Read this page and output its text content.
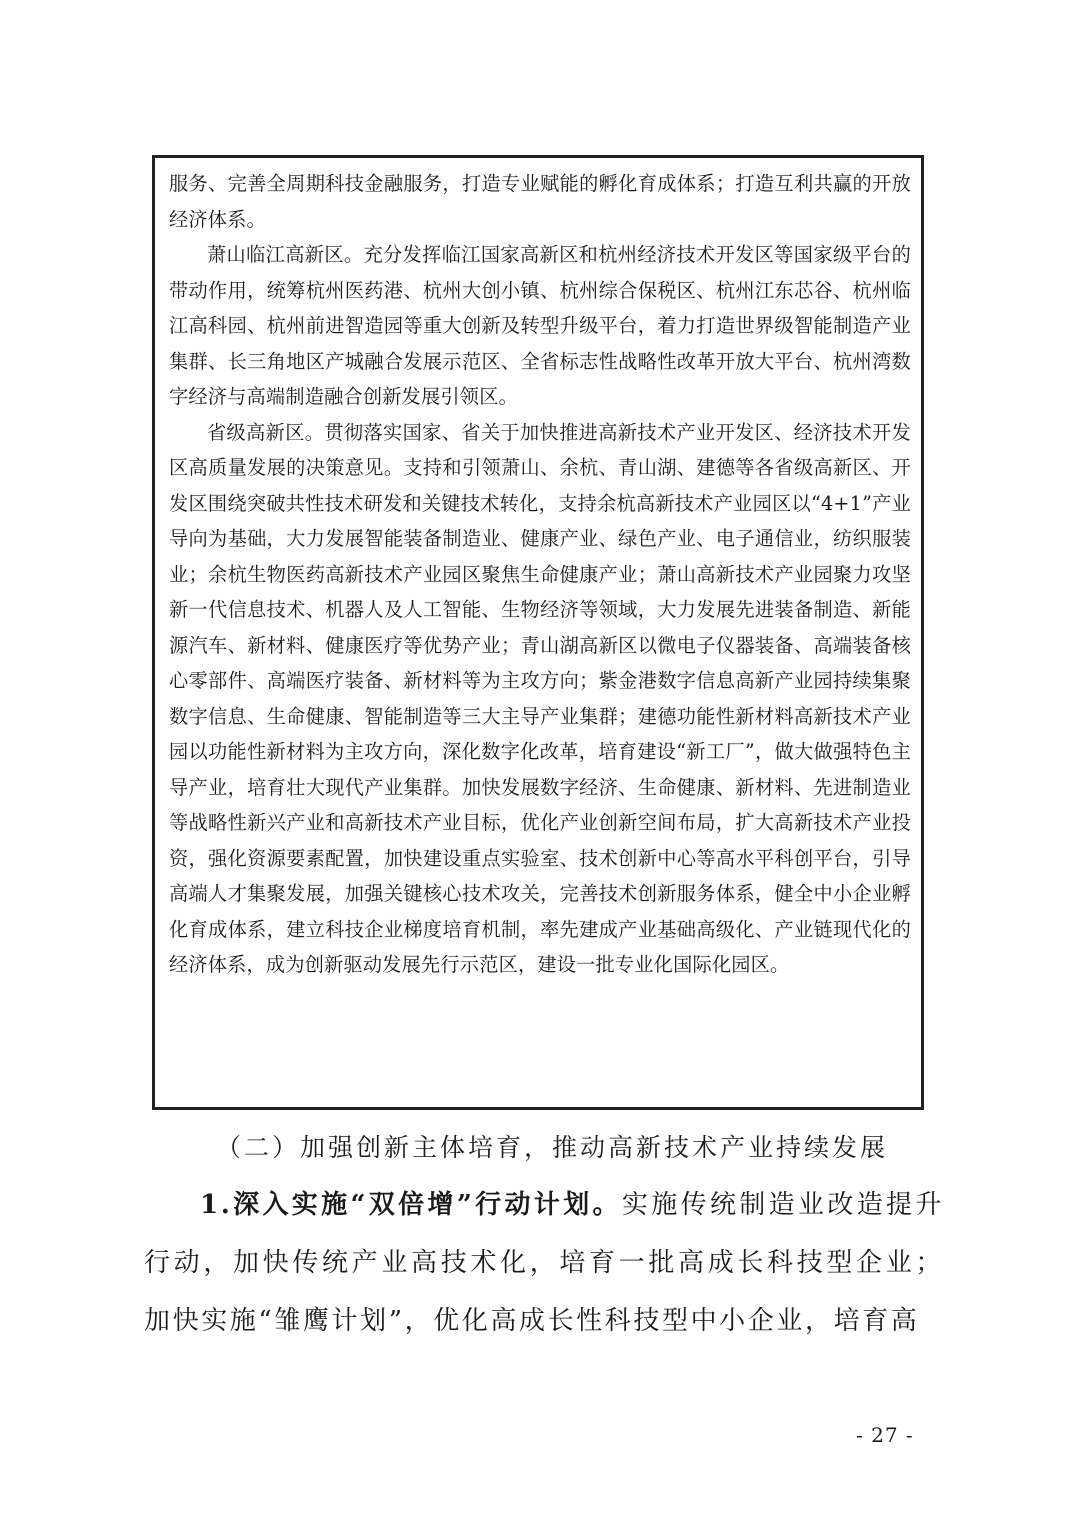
服务、完善全周期科技金融服务，打造专业赋能的孵化育成体系；打造互利共赢的开放经济体系。

萧山临江高新区。充分发挥临江国家高新区和杭州经济技术开发区等国家级平台的带动作用，统筹杭州医药港、杭州大创小镇、杭州综合保税区、杭州江东芯谷、杭州临江高科园、杭州前进智造园等重大创新及转型升级平台，着力打造世界级智能制造产业集群、长三角地区产城融合发展示范区、全省标志性战略性改革开放大平台、杭州湾数字经济与高端制造融合创新发展引领区。

省级高新区。贯彻落实国家、省关于加快推进高新技术产业开发区、经济技术开发区高质量发展的决策意见。支持和引领萧山、余杭、青山湖、建德等各省级高新区、开发区围绕突破共性技术研发和关键技术转化，支持余杭高新技术产业园区以“4+1”产业导向为基础，大力发展智能装备制造业、健康产业、绿色产业、电子通信业，纺织服装业；余杭生物医药高新技术产业园区聚焦生命健康产业；萧山高新技术产业园聚力攻坚新一代信息技术、机器人及人工智能、生物经济等领域，大力发展先进装备制造、新能源汽车、新材料、健康医疗等优势产业；青山湖高新区以微电子仪器装备、高端装备核心零部件、高端医疗装备、新材料等为主攻方向；紫金港数字信息高新产业园持续集聚数字信息、生命健康、智能制造等三大主导产业集群；建德功能性新材料高新技术产业园以功能性新材料为主攻方向，深化数字化改革，培育建设“新工厂”，做大做强特色主导产业，培育壮大现代产业集群。加快发展数字经济、生命健康、新材料、先进制造业等战略性新兴产业和高新技术产业目标，优化产业创新空间布局，扩大高新技术产业投资，强化资源要素配置，加快建设重点实验室、技术创新中心等高水平科创平台，引导高端人才集聚发展，加强关键核心技术攻关，完善技术创新服务体系，健全中小企业孵化育成体系，建立科技企业梯度培育机制，率先建成产业基础高级化、产业链现代化的经济体系，成为创新驱动发展先行示范区，建设一批专业化国际化园区。

（二）加强创新主体培育，推动高新技术产业持续发展

1.深入实施“双倍增”行动计划。实施传统制造业改造提升行动，加快传统产业高技术化，培育一批高成长科技型企业；加快实施“雏鹰计划”，优化高成长性科技型中小企业，培育高

- 27 -
